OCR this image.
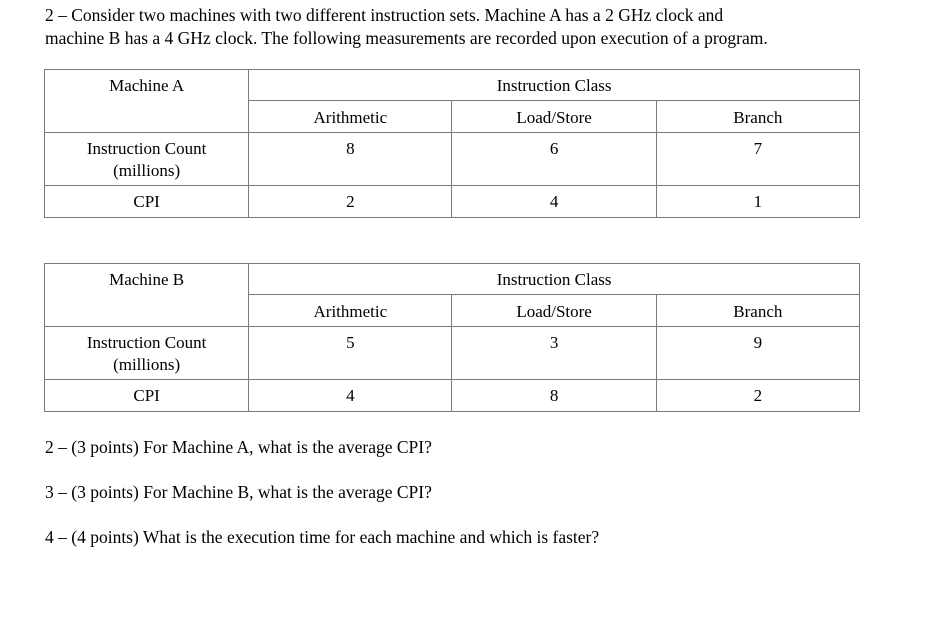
2 – Consider two machines with two different instruction sets. Machine A has a 2 GHz clock and

machine B has a 4 GHz clock. The following measurements are recorded upon execution of a program.

Machine A	Instruction Class		
	Arithmetic	Load/Store	Branch
Instruction Count
(millions)	8	6	7
CPI	2	4	1
Machine B	Instruction Class		
	Arithmetic	Load/Store	Branch
Instruction Count
(millions)	5	3	9
CPI	4	8	2

2 – (3 points) For Machine A, what is the average CPI?

3 – (3 points) For Machine B, what is the average CPI?

4 – (4 points) What is the execution time for each machine and which is faster?
